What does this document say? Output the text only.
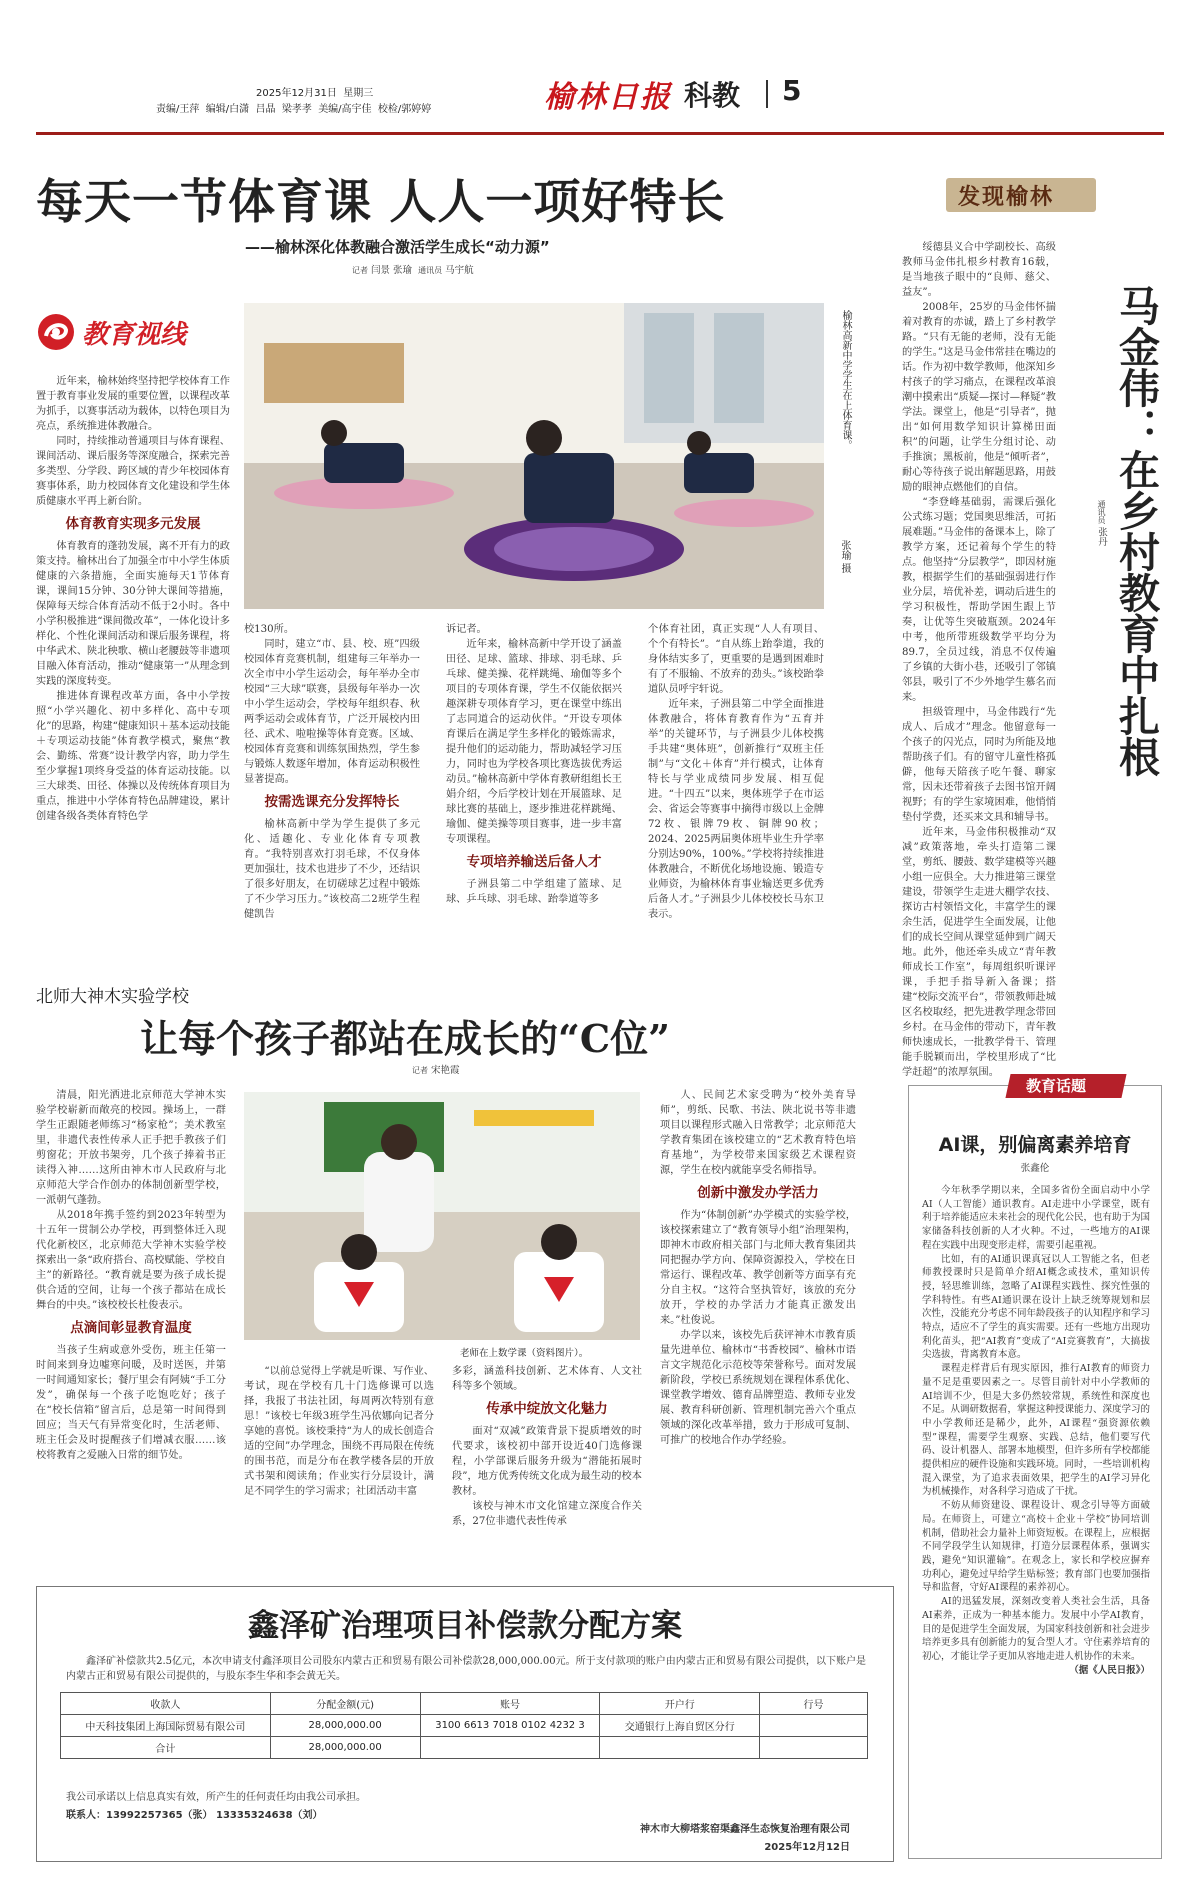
2025年12月31日 星期三
责编/王萍 编辑/白潇 吕晶 梁孝孝 美编/高宇佳 校检/郭婷婷	榆林日报 科教 5
每天一节体育课 人人一项好特长
——榆林深化体教融合激活学生成长“动力源”
记者 闫景 张瑜 通讯员 马宇航
教育视线	榆林高新中学学生在上体育课。
张瑜 摄

近年来，榆林始终坚持把学校体育工作置于教育事业发展的重要位置，以课程改革为抓手，以赛事活动为载体，以特色项目为亮点，系统推进体教融合。

同时，持续推动普通项目与体育课程、课间活动、课后服务等深度融合，探索完善多类型、分学段、跨区域的青少年校园体育赛事体系，助力校园体育文化建设和学生体质健康水平再上新台阶。

体育教育实现多元发展

体育教育的蓬勃发展，离不开有力的政策支持。榆林出台了加强全市中小学生体质健康的六条措施，全面实施每天1节体育课，课间15分钟、30分钟大课间等措施，保障每天综合体育活动不低于2小时。各中小学积极推进“课间微改革”，一体化设计多样化、个性化课间活动和课后服务课程，将中华武术、陕北秧歌、横山老腰鼓等非遗项目融入体育活动，推动“健康第一”从理念到实践的深度转变。

推进体育课程改革方面，各中小学按照“小学兴趣化、初中多样化、高中专项化”的思路，构建“健康知识＋基本运动技能＋专项运动技能”体育教学模式，聚焦“教会、勤练、常赛”设计教学内容，助力学生至少掌握1项终身受益的体育运动技能。以三大球类、田径、体操以及传统体育项目为重点，推进中小学体育特色品牌建设，累计创建各级各类体育特色学

校130所。

同时，建立“市、县、校、班”四级校园体育竞赛机制，组建每三年举办一次全市中小学生运动会，每年举办全市校园“三大球”联赛，县级每年举办一次中小学生运动会，学校每年组织春、秋两季运动会或体育节，广泛开展校内田径、武术、啦啦操等体育竞赛。区域、校园体育竞赛和训练氛围热烈，学生参与锻炼人数逐年增加，体育运动积极性显著提高。

按需选课充分发挥特长

榆林高新中学为学生提供了多元化、适趣化、专业化体育专项教育。“我特别喜欢打羽毛球，不仅身体更加强壮，技术也进步了不少，还结识了很多好朋友，在切磋球艺过程中锻炼了不少学习压力。”该校高二2班学生程健凯告

诉记者。

近年来，榆林高新中学开设了涵盖田径、足球、篮球、排球、羽毛球、乒乓球、健美操、花样跳绳、瑜伽等多个项目的专项体育课，学生不仅能依据兴趣深耕专项体育学习，更在课堂中练出了志同道合的运动伙伴。“开设专项体育课后在满足学生多样化的锻炼需求，提升他们的运动能力，帮助减轻学习压力，同时也为学校各项比赛选拔优秀运动员。”榆林高新中学体育教研组组长王娟介绍，今后学校计划在开展篮球、足球比赛的基础上，逐步推进花样跳绳、瑜伽、健美操等项目赛事，进一步丰富专项课程。

专项培养输送后备人才

子洲县第二中学组建了篮球、足球、乒乓球、羽毛球、跆拳道等多

个体育社团，真正实现“人人有项目、个个有特长”。“自从练上跆拳道，我的身体结实多了，更重要的是遇到困难时有了不服输、不放弃的劲头。”该校跆拳道队员呼宇轩说。

近年来，子洲县第二中学全面推进体教融合，将体育教育作为“五育并举”的关键环节，与子洲县少儿体校携手共建“奥体班”，创新推行“双班主任制”与“文化＋体育”并行模式，让体育特长与学业成绩同步发展、相互促进。“十四五”以来，奥体班学子在市运会、省运会等赛事中摘得市级以上金牌72枚、银牌79枚、铜牌90枚；2024、2025两届奥体班毕业生升学率分别达90%，100%。”学校将持续推进体教融合，不断优化场地设施、锻造专业师资，为榆林体育事业输送更多优秀后备人才。”子洲县少儿体校校长马东卫表示。

发现榆林

绥德县义合中学副校长、高级教师马金伟扎根乡村教育16载，是当地孩子眼中的“良师、慈父、益友”。

2008年，25岁的马金伟怀揣着对教育的赤诚，踏上了乡村教学路。“只有无能的老师，没有无能的学生。”这是马金伟常挂在嘴边的话。作为初中数学教师，他深知乡村孩子的学习痛点，在课程改革浪潮中摸索出“质疑—探讨—释疑”教学法。课堂上，他是“引导者”，抛出“如何用数学知识计算梯田面积”的问题，让学生分组讨论、动手推演；黑板前，他是“倾听者”，耐心等待孩子说出解题思路，用鼓励的眼神点燃他们的自信。

“李登峰基础弱，需课后强化公式练习题；党国奥思维活，可拓展难题。”马金伟的备课本上，除了教学方案，还记着每个学生的特点。他坚持“分层教学”，即因材施教，根据学生们的基础强弱进行作业分层，培优补差，调动后进生的学习积极性，帮助学困生跟上节奏，让优等生突破瓶颈。2024年中考，他所带班级数学平均分为89.7，全员过线，消息不仅传遍了乡镇的大街小巷，还吸引了邻镇邻县，吸引了不少外地学生慕名而来。

担级管理中，马金伟践行“先成人、后成才”理念。他留意每一个孩子的闪光点，同时为所能及地帮助孩子们。有的留守儿童性格孤僻，他每天陪孩子吃午餐、聊家常，因未还带着孩子去图书馆开阔视野；有的学生家境困难，他悄悄垫付学费，还买来文具和辅导书。

近年来，马金伟积极推动“双减”政策落地，牵头打造第二课堂，剪纸、腰鼓、数学建模等兴趣小组一应俱全。大力推进第三课堂建设，带领学生走进大棚学农技、探访古村领悟文化，丰富学生的课余生活，促进学生全面发展，让他们的成长空间从课堂延伸到广阔天地。此外，他还牵头成立“青年教师成长工作室”，每周组织听课评课，手把手指导新入备课；搭建“校际交流平台”，带领教师赴城区名校取经，把先进教学理念带回乡村。在马金伟的带动下，青年教师快速成长，一批教学骨干、管理能手脱颖而出，学校里形成了“比学赶超”的浓厚氛围。

马金伟：在乡村教育中扎根
通讯员 张丹
北师大神木实验学校
让每个孩子都站在成长的“C位”
记者 宋艳霞

清晨，阳光洒进北京师范大学神木实验学校崭新而敞亮的校园。操场上，一群学生正跟随老师练习“杨家枪”；美术教室里，非遗代表性传承人正手把手教孩子们剪窗花；开放书架旁，几个孩子捧着书正读得入神……这所由神木市人民政府与北京师范大学合作创办的体制创新型学校，一派朝气蓬勃。

从2018年携手签约到2023年转型为十五年一贯制公办学校，再到整体迁入现代化新校区，北京师范大学神木实验学校探索出一条“政府搭台、高校赋能、学校自主”的新路径。“教育就是要为孩子成长提供合适的空间，让每一个孩子都站在成长舞台的中央。”该校校长杜俊表示。

点滴间彰显教育温度

当孩子生病或意外受伤，班主任第一时间来到身边嘘寒问暖，及时送医，并第一时间通知家长；餐厅里会有阿姨“手工分发”，确保每一个孩子吃饱吃好；孩子在“校长信箱”留言后，总是第一时间得到回应；当天气有异常变化时，生活老师、班主任会及时提醒孩子们增减衣服……该校将教育之爱融入日常的细节处。

老师在上数学课（资料图片）。

“以前总觉得上学就是听课、写作业、考试，现在学校有几十门选修课可以选择，我报了书法社团，每周两次特别有意思！”该校七年级3班学生冯依娜向记者分享她的喜悦。该校秉持“为人的成长创造合适的空间”办学理念，围绕不再局限在传统的围书范，而是分布在教学楼各层的开放式书架和阅读角；作业实行分层设计，满足不同学生的学习需求；社团活动丰富

多彩，涵盖科技创新、艺术体育、人文社科等多个领域。

传承中绽放文化魅力

面对“双减”政策背景下提质增效的时代要求，该校初中部开设近40门选修课程，小学部课后服务升级为“潜能拓展时段”，地方优秀传统文化成为最生动的校本教材。

该校与神木市文化馆建立深度合作关系，27位非遗代表性传承

人、民间艺术家受聘为“校外美育导师”，剪纸、民歌、书法、陕北说书等非遗项目以课程形式融入日常教学；北京师范大学教育集团在该校建立的“艺术教育特色培育基地”，为学校带来国家级艺术课程资源，学生在校内就能享受名师指导。

创新中激发办学活力

作为“体制创新”办学模式的实验学校，该校探索建立了“教育领导小组”治理架构，即神木市政府相关部门与北师大教育集团共同把握办学方向、保障资源投入，学校在日常运行、课程改革、教学创新等方面享有充分自主权。“这符合坚执管好，该放的充分放开，学校的办学活力才能真正激发出来。”杜俊说。

办学以来，该校先后获评神木市教育质量先进单位、榆林市“书香校园”、榆林市语言文字规范化示范校等荣誉称号。面对发展新阶段，学校已系统规划在课程体系优化、课堂教学增效、德育品牌塑造、教师专业发展、教育科研创新、管理机制完善六个重点领域的深化改革举措，致力于形成可复制、可推广的校地合作办学经验。

教育话题
AI课，别偏离素养培育
张鑫伦

今年秋季学期以来，全国多省份全面启动中小学AI（人工智能）通识教育。AI走进中小学课堂，既有利于培养能适应未来社会的现代化公民，也有助于为国家储备科技创新的人才火种。不过，一些地方的AI课程在实践中出现变形走样，需要引起重视。

比如，有的AI通识课真冠以人工智能之名，但老师教授课时只是简单介绍AI概念或技术，重知识传授，轻思维训练，忽略了AI课程实践性、探究性强的学科特性。有些AI通识课在设计上缺乏统筹规划和层次性，没能充分考虑不同年龄段孩子的认知程序和学习特点，适应不了学生的真实需要。还有一些地方出现功利化苗头，把“AI教育”变成了“AI竞赛教育”，大搞拔尖选拔，背离教育本意。

课程走样背后有现实原因，推行AI教育的师资力量不足是重要因素之一。尽管目前针对中小学教师的AI培训不少，但是大多仍然较常规，系统性和深度也不足。从调研数据看，掌握这种授课能力、深度学习的中小学教师还是稀少，此外，AI课程“强资源依赖型”课程，需要学生观察、实践、总结，他们要写代码、设计机器人、部署本地模型，但许多所有学校都能提供相应的硬件设施和实践环境。同时，一些培训机构混入课堂，为了追求表面效果，把学生的AI学习异化为机械操作，对各科学习造成了干扰。

不妨从师资建设、课程设计、观念引导等方面破局。在师资上，可建立“高校＋企业＋学校”协同培训机制，借助社会力量补上师资短板。在课程上，应根据不同学段学生认知规律，打造分层课程体系，强调实践，避免“知识灌输”。在观念上，家长和学校应摒弃功利心，避免过早给学生贴标签；教育部门也要加强指导和监督，守好AI课程的素养初心。

AI的迅猛发展，深刻改变着人类社会生活，具备AI素养，正成为一种基本能力。发展中小学AI教育，目的是促进学生全面发展，为国家科技创新和社会进步培养更多具有创新能力的复合型人才。守住素养培育的初心，才能让学子更加从容地走进人机协作的未来。

（据《人民日报》）

鑫泽矿治理项目补偿款分配方案
鑫泽矿补偿款共2.5亿元，本次申请支付鑫泽项目公司股东内蒙古正和贸易有限公司补偿款28,000,000.00元。所于支付款项的账户由内蒙古正和贸易有限公司提供，以下账户是内蒙古正和贸易有限公司提供的，与股东李生华和李会黄无关。
收款人	分配金额(元)	账号	开户行	行号
中天科技集团上海国际贸易有限公司	28,000,000.00	3100 6613 7018 0102 4232 3	交通银行上海自贸区分行	
合计	28,000,000.00			
我公司承诺以上信息真实有效，所产生的任何责任均由我公司承担。
联系人：13992257365（张） 13335324638（刘）
神木市大柳塔浆窑渠鑫泽生态恢复治理有限公司
2025年12月12日
